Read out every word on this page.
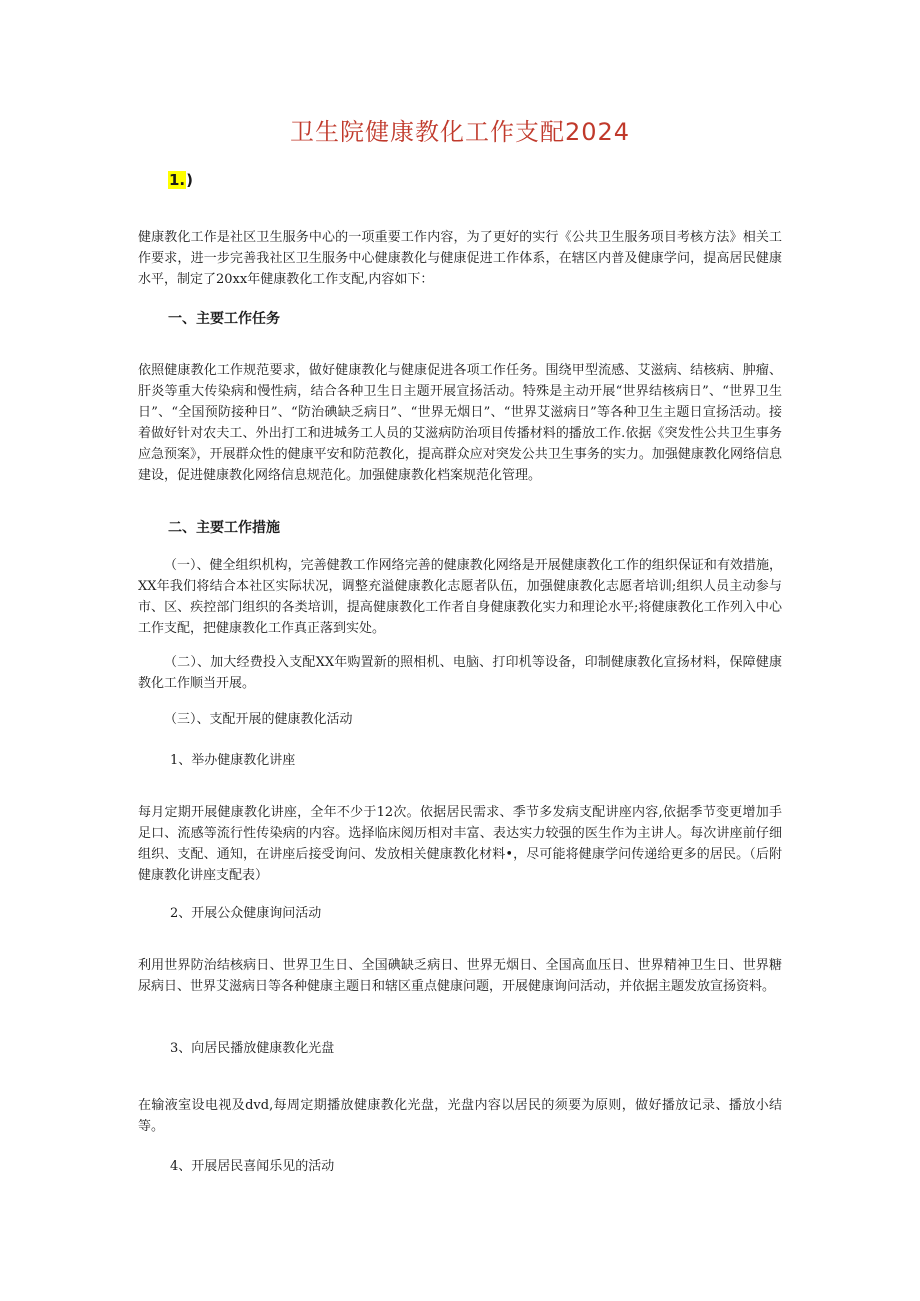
卫生院健康教化工作支配2024
1.)

健康教化工作是社区卫生服务中心的一项重要工作内容，为了更好的实行《公共卫生服务项目考核方法》相关工作要求，进一步完善我社区卫生服务中心健康教化与健康促进工作体系，在辖区内普及健康学问，提高居民健康水平，制定了20xx年健康教化工作支配,内容如下：

一、主要工作任务

依照健康教化工作规范要求，做好健康教化与健康促进各项工作任务。围绕甲型流感、艾滋病、结核病、肿瘤、肝炎等重大传染病和慢性病，结合各种卫生日主题开展宣扬活动。特殊是主动开展“世界结核病日”、“世界卫生日”、“全国预防接种日”、“防治碘缺乏病日”、“世界无烟日”、“世界艾滋病日”等各种卫生主题日宣扬活动。接着做好针对农夫工、外出打工和进城务工人员的艾滋病防治项目传播材料的播放工作.依据《突发性公共卫生事务应急预案》，开展群众性的健康平安和防范教化，提高群众应对突发公共卫生事务的实力。加强健康教化网络信息建设，促进健康教化网络信息规范化。加强健康教化档案规范化管理。

二、主要工作措施

（一）、健全组织机构，完善健教工作网络完善的健康教化网络是开展健康教化工作的组织保证和有效措施，XX年我们将结合本社区实际状况，调整充溢健康教化志愿者队伍，加强健康教化志愿者培训;组织人员主动参与市、区、疾控部门组织的各类培训，提高健康教化工作者自身健康教化实力和理论水平;将健康教化工作列入中心工作支配，把健康教化工作真正落到实处。

（二）、加大经费投入支配XX年购置新的照相机、电脑、打印机等设备，印制健康教化宣扬材料，保障健康教化工作顺当开展。

（三）、支配开展的健康教化活动

1、举办健康教化讲座

每月定期开展健康教化讲座，全年不少于12次。依据居民需求、季节多发病支配讲座内容,依据季节变更增加手足口、流感等流行性传染病的内容。选择临床阅历相对丰富、表达实力较强的医生作为主讲人。每次讲座前仔细组织、支配、通知，在讲座后接受询问、发放相关健康教化材料•，尽可能将健康学问传递给更多的居民。（后附健康教化讲座支配表）

2、开展公众健康询问活动

利用世界防治结核病日、世界卫生日、全国碘缺乏病日、世界无烟日、全国高血压日、世界精神卫生日、世界糖尿病日、世界艾滋病日等各种健康主题日和辖区重点健康问题，开展健康询问活动，并依据主题发放宣扬资料。

3、向居民播放健康教化光盘

在输液室设电视及dvd,每周定期播放健康教化光盘，光盘内容以居民的须要为原则，做好播放记录、播放小结等。

4、开展居民喜闻乐见的活动
